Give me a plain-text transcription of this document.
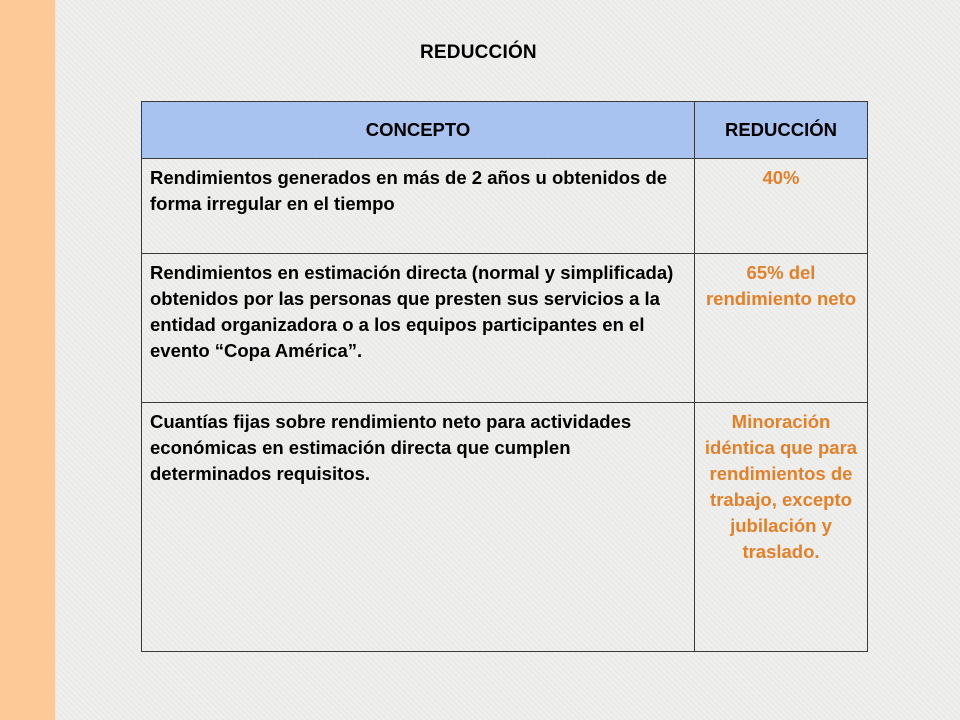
REDUCCIÓN
CONCEPTO	REDUCCIÓN
Rendimientos generados en más de 2 años u obtenidos de forma irregular en el tiempo	40%
Rendimientos en estimación directa (normal y simplificada) obtenidos por las personas que presten sus servicios a la entidad organizadora o a los equipos participantes en el evento “Copa América”.	65% del rendimiento neto
Cuantías fijas sobre rendimiento neto para actividades económicas en estimación directa que cumplen determinados requisitos.	Minoración idéntica que para rendimientos de trabajo, excepto jubilación y traslado.
